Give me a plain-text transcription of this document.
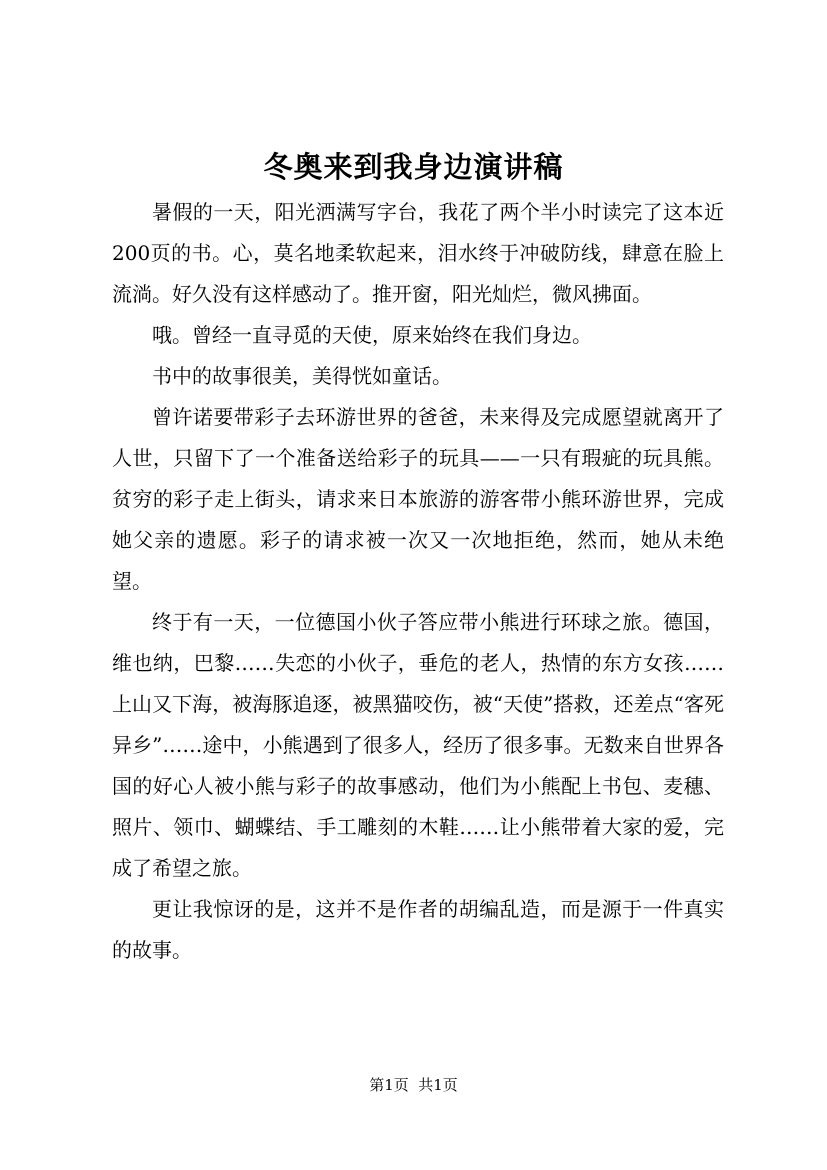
冬奥来到我身边演讲稿

暑假的一天，阳光洒满写字台，我花了两个半小时读完了这本近200页的书。心，莫名地柔软起来，泪水终于冲破防线，肆意在脸上流淌。好久没有这样感动了。推开窗，阳光灿烂，微风拂面。

哦。曾经一直寻觅的天使，原来始终在我们身边。

书中的故事很美，美得恍如童话。

曾许诺要带彩子去环游世界的爸爸，未来得及完成愿望就离开了人世，只留下了一个准备送给彩子的玩具——一只有瑕疵的玩具熊。贫穷的彩子走上街头，请求来日本旅游的游客带小熊环游世界，完成她父亲的遗愿。彩子的请求被一次又一次地拒绝，然而，她从未绝望。

终于有一天，一位德国小伙子答应带小熊进行环球之旅。德国，维也纳，巴黎……失恋的小伙子，垂危的老人，热情的东方女孩……上山又下海，被海豚追逐，被黑猫咬伤，被“天使”搭救，还差点“客死异乡”……途中，小熊遇到了很多人，经历了很多事。无数来自世界各国的好心人被小熊与彩子的故事感动，他们为小熊配上书包、麦穗、照片、领巾、蝴蝶结、手工雕刻的木鞋……让小熊带着大家的爱，完成了希望之旅。

更让我惊讶的是，这并不是作者的胡编乱造，而是源于一件真实的故事。

第1页  共1页
